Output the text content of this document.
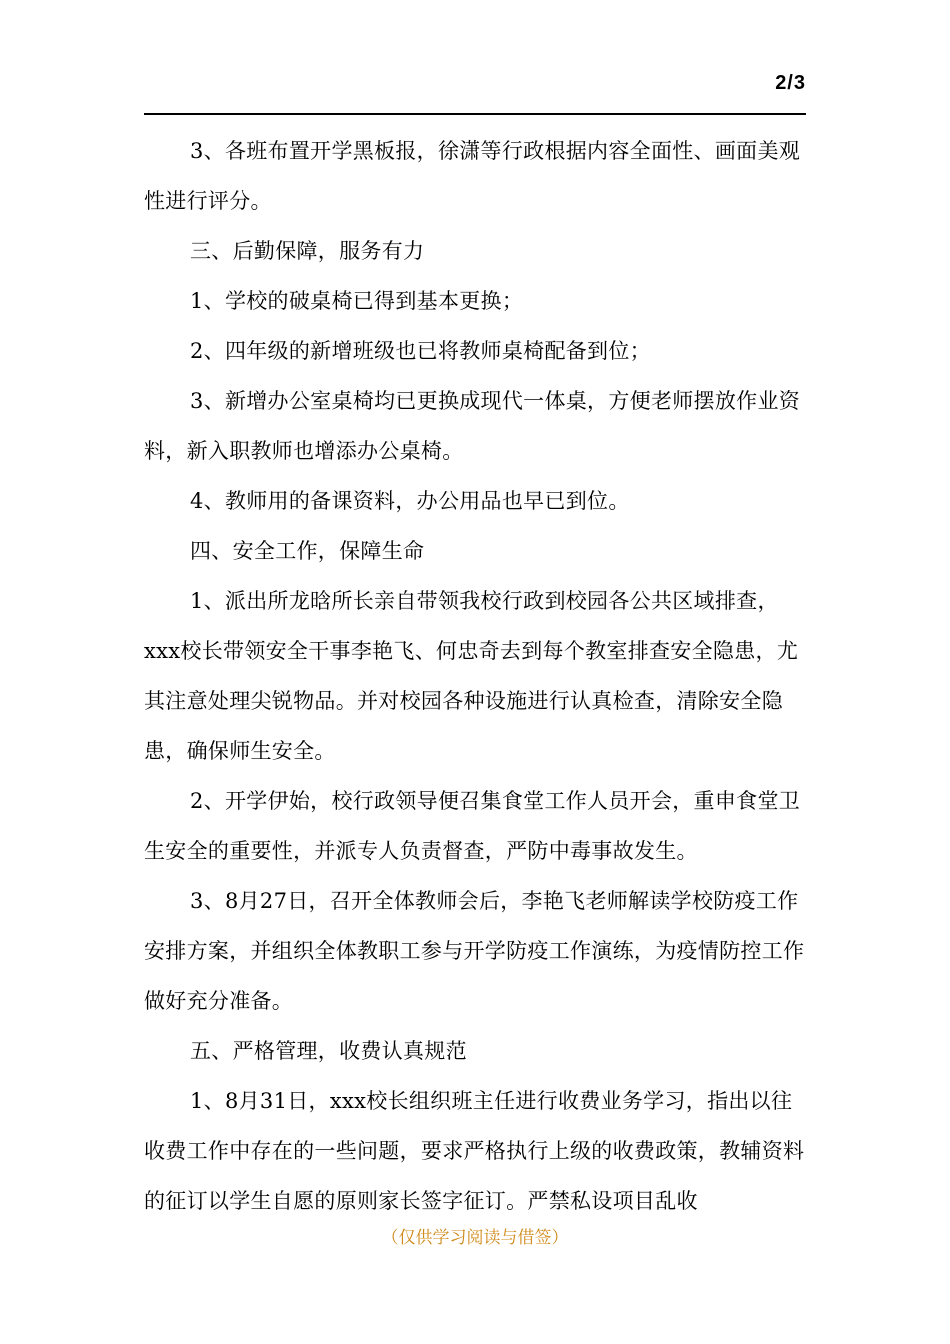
2/3

3、各班布置开学黑板报，徐潇等行政根据内容全面性、画面美观性进行评分。

三、后勤保障，服务有力

1、学校的破桌椅已得到基本更换；

2、四年级的新增班级也已将教师桌椅配备到位；

3、新增办公室桌椅均已更换成现代一体桌，方便老师摆放作业资料，新入职教师也增添办公桌椅。

4、教师用的备课资料，办公用品也早已到位。

四、安全工作，保障生命

1、派出所龙晗所长亲自带领我校行政到校园各公共区域排查，xxx校长带领安全干事李艳飞、何忠奇去到每个教室排查安全隐患，尤其注意处理尖锐物品。并对校园各种设施进行认真检查，清除安全隐患，确保师生安全。

2、开学伊始，校行政领导便召集食堂工作人员开会，重申食堂卫生安全的重要性，并派专人负责督查，严防中毒事故发生。

3、8月27日，召开全体教师会后，李艳飞老师解读学校防疫工作安排方案，并组织全体教职工参与开学防疫工作演练，为疫情防控工作做好充分准备。

五、严格管理，收费认真规范

1、8月31日，xxx校长组织班主任进行收费业务学习，指出以往收费工作中存在的一些问题，要求严格执行上级的收费政策，教辅资料的征订以学生自愿的原则家长签字征订。严禁私设项目乱收

（仅供学习阅读与借签）
